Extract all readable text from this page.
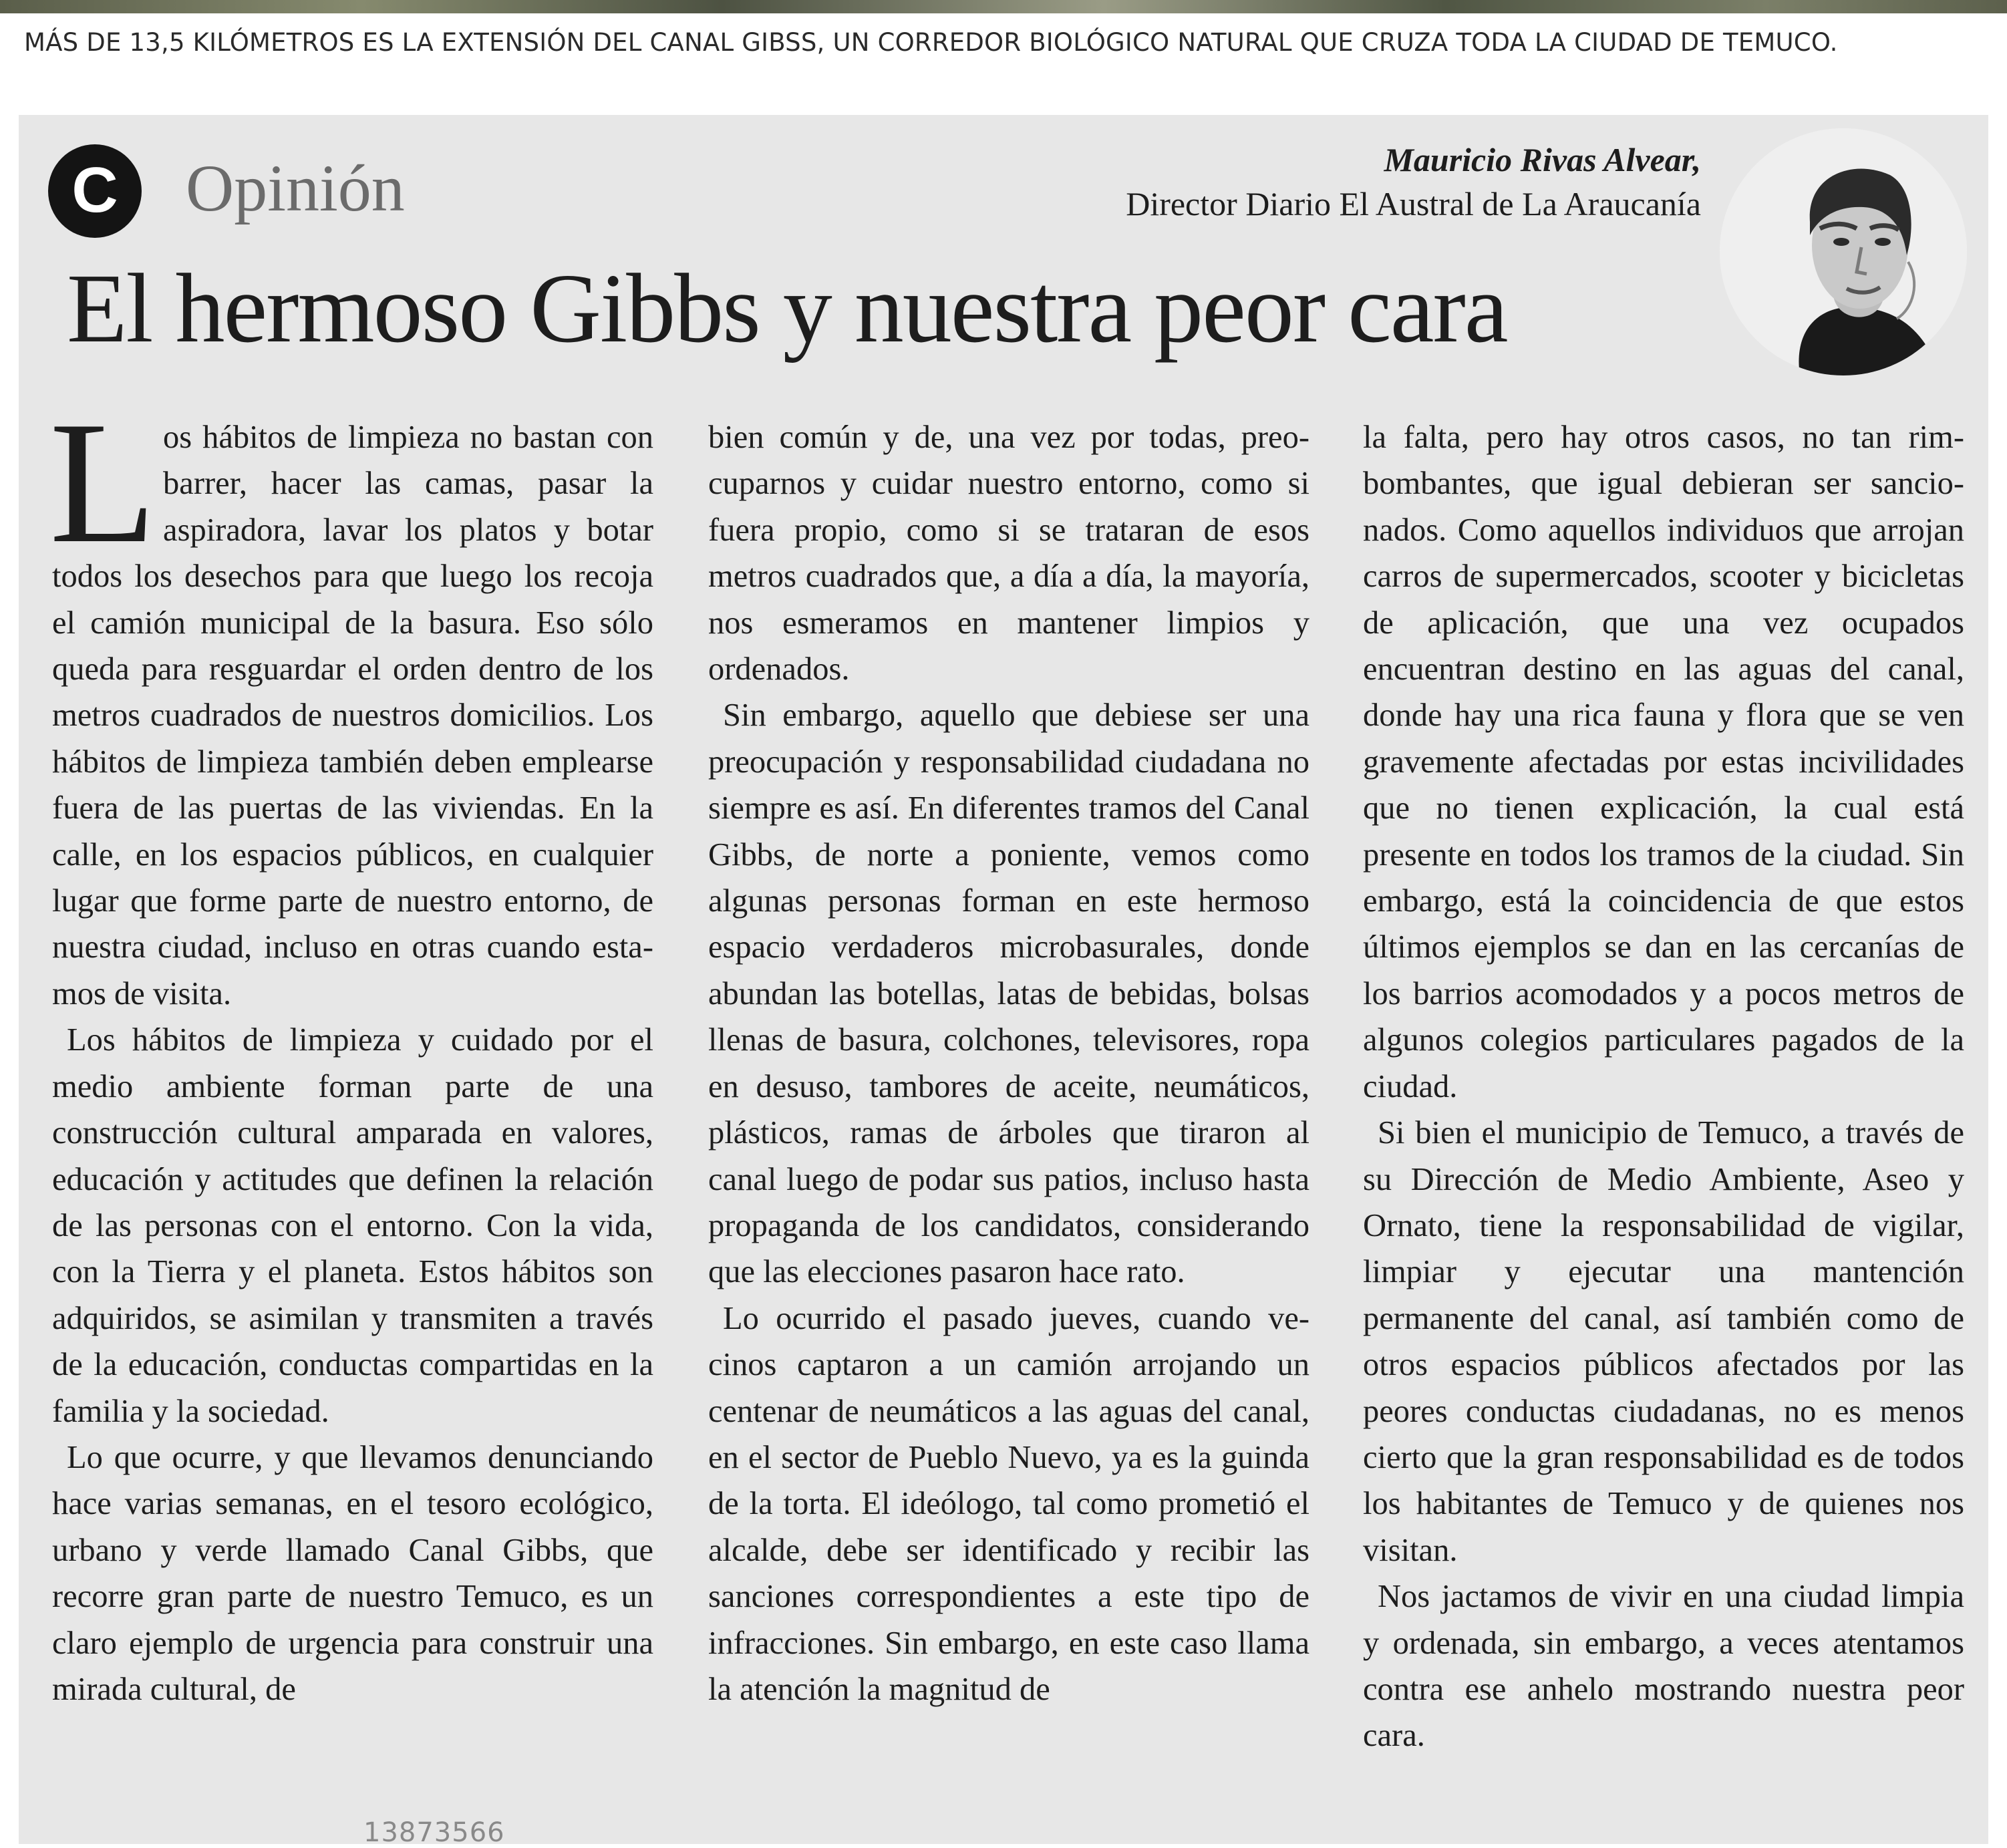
MÁS DE 13,5 KILÓMETROS ES LA EXTENSIÓN DEL CANAL GIBSS, UN CORREDOR BIOLÓGICO NATURAL QUE CRUZA TODA LA CIUDAD DE TEMUCO.
C	Opinión	Mauricio Rivas Alvear,
Director Diario El Austral de La Araucanía
El hermoso Gibbs y nuestra peor cara

Los hábitos de limpieza no bastan con barrer, hacer las camas, pasar la aspiradora, lavar los platos y botar todos los desechos para que luego los recoja el camión municipal de la basura. Eso sólo queda para resguardar el orden dentro de los metros cuadrados de nuestros domicilios. Los hábitos de limpieza también deben emplearse fuera de las puertas de las viviendas. En la calle, en los espacios públicos, en cualquier lugar que forme parte de nuestro entorno, de nuestra ciudad, incluso en otras cuando estamos de visita.

Los hábitos de limpieza y cuidado por el medio ambiente forman parte de una construcción cultural amparada en valores, educación y actitudes que definen la relación de las personas con el entorno. Con la vida, con la Tierra y el planeta. Estos hábitos son adquiridos, se asimilan y transmiten a través de la educación, conductas compartidas en la familia y la sociedad.

Lo que ocurre, y que llevamos denunciando hace varias semanas, en el tesoro ecológico, urbano y verde llamado Canal Gibbs, que recorre gran parte de nuestro Temuco, es un claro ejemplo de urgencia para construir una mirada cultural, de

bien común y de, una vez por todas, preocuparnos y cuidar nuestro entorno, como si fuera propio, como si se trataran de esos metros cuadrados que, a día a día, la mayoría, nos esmeramos en mantener limpios y ordenados.

Sin embargo, aquello que debiese ser una preocupación y responsabilidad ciudadana no siempre es así. En diferentes tramos del Canal Gibbs, de norte a poniente, vemos como algunas personas forman en este hermoso espacio verdaderos microbasurales, donde abundan las botellas, latas de bebidas, bolsas llenas de basura, colchones, televisores, ropa en desuso, tambores de aceite, neumáticos, plásticos, ramas de árboles que tiraron al canal luego de podar sus patios, incluso hasta propaganda de los candidatos, considerando que las elecciones pasaron hace rato.

Lo ocurrido el pasado jueves, cuando vecinos captaron a un camión arrojando un centenar de neumáticos a las aguas del canal, en el sector de Pueblo Nuevo, ya es la guinda de la torta. El ideólogo, tal como prometió el alcalde, debe ser identificado y recibir las sanciones correspondientes a este tipo de infracciones. Sin embargo, en este caso llama la atención la magnitud de

la falta, pero hay otros casos, no tan rimbombantes, que igual debieran ser sancionados. Como aquellos individuos que arrojan carros de supermercados, scooter y bicicletas de aplicación, que una vez ocupados encuentran destino en las aguas del canal, donde hay una rica fauna y flora que se ven gravemente afectadas por estas incivilidades que no tienen explicación, la cual está presente en todos los tramos de la ciudad. Sin embargo, está la coincidencia de que estos últimos ejemplos se dan en las cercanías de los barrios acomodados y a pocos metros de algunos colegios particulares pagados de la ciudad.

Si bien el municipio de Temuco, a través de su Dirección de Medio Ambiente, Aseo y Ornato, tiene la responsabilidad de vigilar, limpiar y ejecutar una mantención permanente del canal, así también como de otros espacios públicos afectados por las peores conductas ciudadanas, no es menos cierto que la gran responsabilidad es de todos los habitantes de Temuco y de quienes nos visitan.

Nos jactamos de vivir en una ciudad limpia y ordenada, sin embargo, a veces atentamos contra ese anhelo mostrando nuestra peor cara.

13873566
